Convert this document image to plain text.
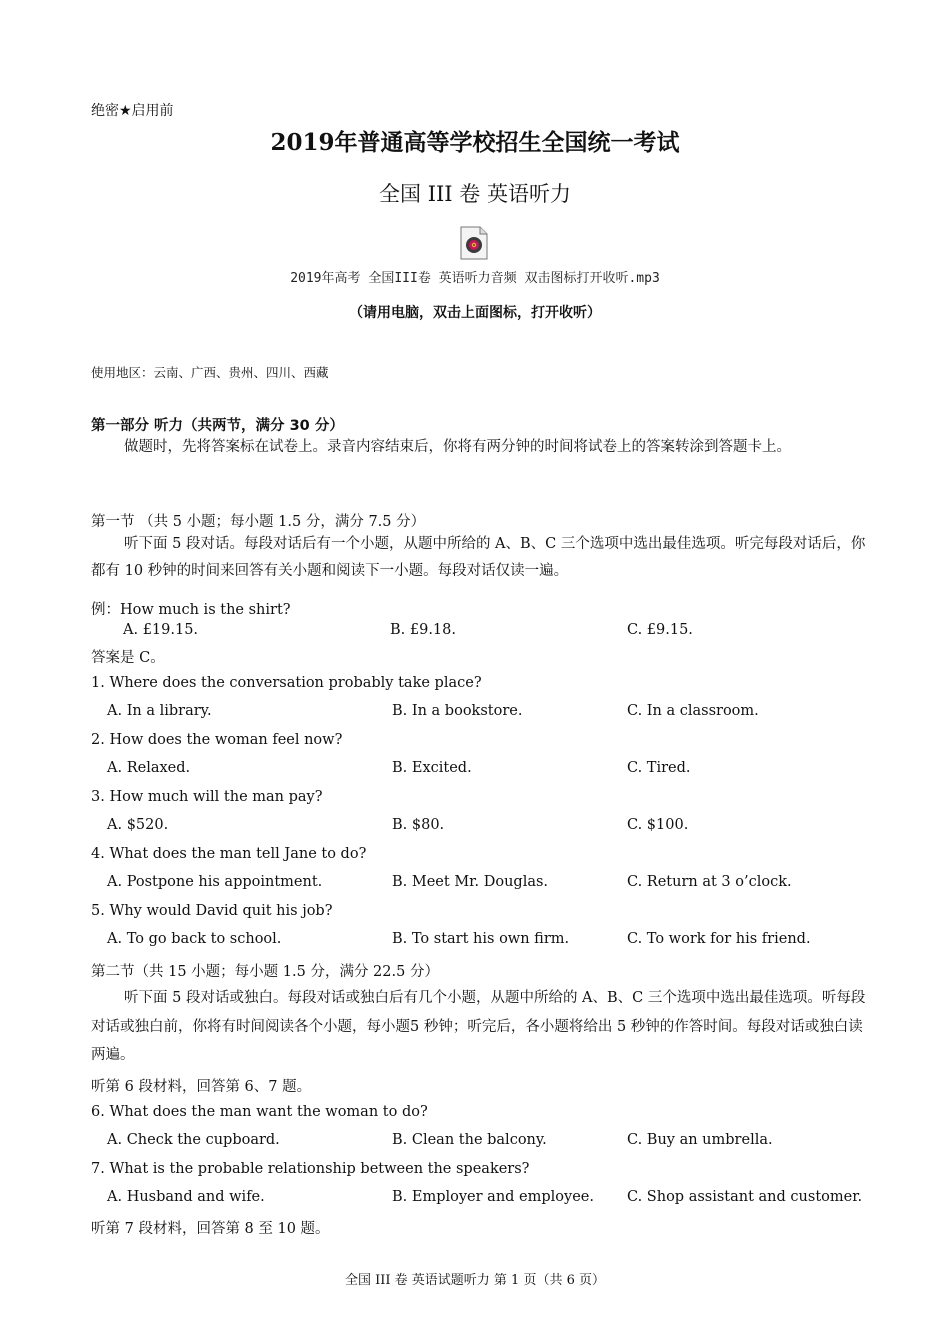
绝密★启用前
2019年普通高等学校招生全国统一考试
全国 III 卷 英语听力
2019年高考 全国III卷 英语听力音频 双击图标打开收听.mp3
（请用电脑，双击上面图标，打开收听）
使用地区：云南、广西、贵州、四川、西藏
第一部分 听力（共两节，满分 30 分）
做题时，先将答案标在试卷上。录音内容结束后，你将有两分钟的时间将试卷上的答案转涂到答题卡上。
第一节 （共 5 小题；每小题 1.5 分，满分 7.5 分）
听下面 5 段对话。每段对话后有一个小题，从题中所给的 A、B、C 三个选项中选出最佳选项。听完每段对话后，你都有 10 秒钟的时间来回答有关小题和阅读下一小题。每段对话仅读一遍。
例：How much is the shirt?
A. £19.15.	B. £9.18.	C. £9.15.
答案是 C。
1. Where does the conversation probably take place?
A. In a library.	B. In a bookstore.	C. In a classroom.
2. How does the woman feel now?
A. Relaxed.	B. Excited.	C. Tired.
3. How much will the man pay?
A. $520.	B. $80.	C. $100.
4. What does the man tell Jane to do?
A. Postpone his appointment.	B. Meet Mr. Douglas.	C. Return at 3 o’clock.
5. Why would David quit his job?
A. To go back to school.	B. To start his own firm.	C. To work for his friend.
第二节（共 15 小题；每小题 1.5 分，满分 22.5 分）
听下面 5 段对话或独白。每段对话或独白后有几个小题，从题中所给的 A、B、C 三个选项中选出最佳选项。听每段对话或独白前，你将有时间阅读各个小题，每小题5 秒钟；听完后，各小题将给出 5 秒钟的作答时间。每段对话或独白读两遍。
听第 6 段材料，回答第 6、7 题。
6. What does the man want the woman to do?
A. Check the cupboard.	B. Clean the balcony.	C. Buy an umbrella.
7. What is the probable relationship between the speakers?
A. Husband and wife.	B. Employer and employee. C. Shop assistant and customer.
听第 7 段材料，回答第 8 至 10 题。
全国 III 卷 英语试题听力 第 1 页（共 6 页）
